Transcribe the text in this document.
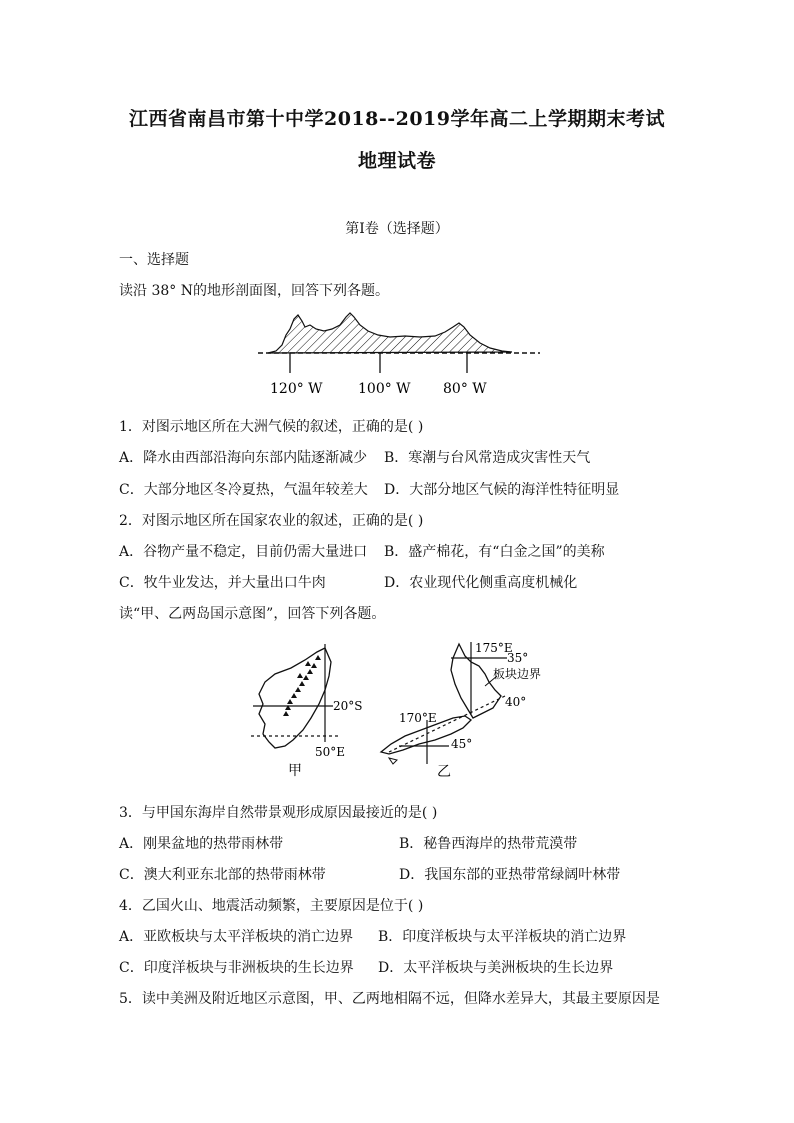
江西省南昌市第十中学2018--2019学年高二上学期期末考试
地理试卷
第I卷（选择题）
一、选择题
读沿 38° N的地形剖面图，回答下列各题。
120° W	100° W 80° W
1．对图示地区所在大洲气候的叙述，正确的是( )
A．降水由西部沿海向东部内陆逐渐减少 B．寒潮与台风常造成灾害性天气
C．大部分地区冬冷夏热，气温年较差大 D．大部分地区气候的海洋性特征明显
2．对图示地区所在国家农业的叙述，正确的是( )
A．谷物产量不稳定，目前仍需大量进口 B．盛产棉花，有“白金之国”的美称
C．牧牛业发达，并大量出口牛肉	D．农业现代化侧重高度机械化
读“甲、乙两岛国示意图”，回答下列各题。
20°S
50°E
甲
175°E
35°
板块边界
40°
170°E
45°
乙
3．与甲国东海岸自然带景观形成原因最接近的是( )
A．刚果盆地的热带雨林带	B．秘鲁西海岸的热带荒漠带
C．澳大利亚东北部的热带雨林带	D．我国东部的亚热带常绿阔叶林带
4．乙国火山、地震活动频繁，主要原因是位于( )
A．亚欧板块与太平洋板块的消亡边界 B．印度洋板块与太平洋板块的消亡边界
C．印度洋板块与非洲板块的生长边界 D．太平洋板块与美洲板块的生长边界
5．读中美洲及附近地区示意图，甲、乙两地相隔不远，但降水差异大，其最主要原因是
